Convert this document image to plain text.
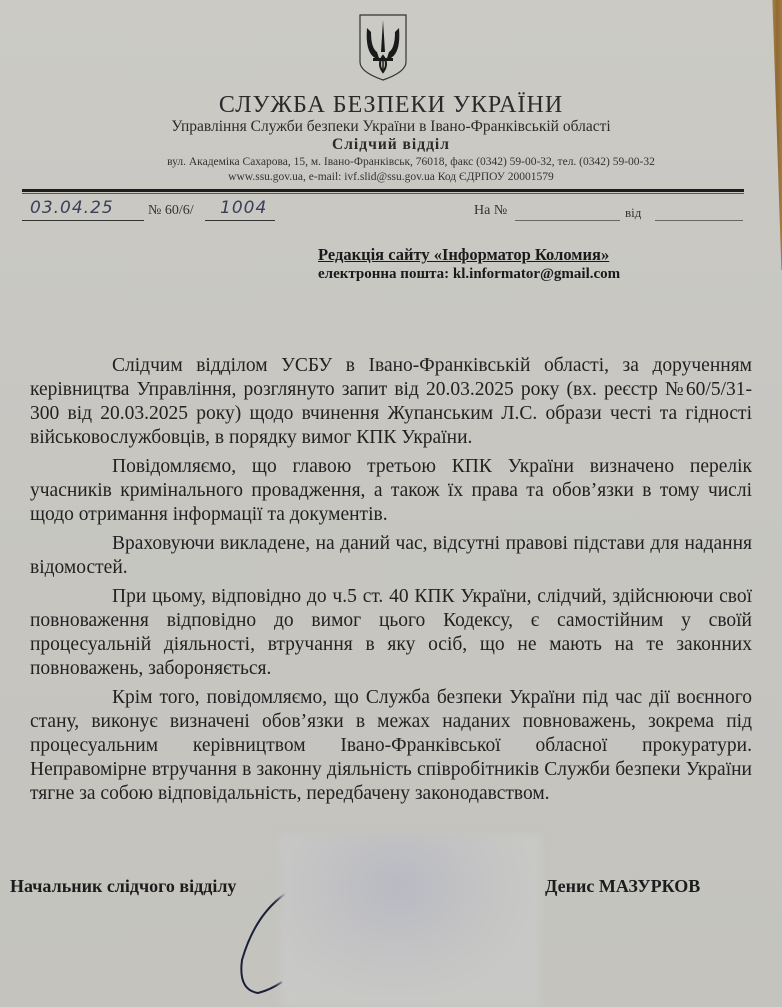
СЛУЖБА БЕЗПЕКИ УКРАЇНИ
Управління Служби безпеки України в Івано-Франківській області
Слідчий відділ
вул. Академіка Сахарова, 15, м. Івано-Франківськ, 76018, факс (0342) 59-00-32, тел. (0342) 59-00-32
www.ssu.gov.ua, e-mail: ivf.slid@ssu.gov.ua Код ЄДРПОУ 20001579
03.04.25 № 60/6/ 1004	На №	від
Редакція сайту «Інформатор Коломия»
електронна пошта: kl.informator@gmail.com

Слідчим відділом УСБУ в Івано-Франківській області, за дорученням керівництва Управління, розглянуто запит від 20.03.2025 року (вх. реєстр №60/5/31-300 від 20.03.2025 року) щодо вчинення Жупанським Л.С. образи честі та гідності військовослужбовців, в порядку вимог КПК України.

Повідомляємо, що главою третьою КПК України визначено перелік учасників кримінального провадження, а також їх права та обов’язки в тому числі щодо отримання інформації та документів.

Враховуючи викладене, на даний час, відсутні правові підстави для надання відомостей.

При цьому, відповідно до ч.5 ст. 40 КПК України, слідчий, здійснюючи свої повноваження відповідно до вимог цього Кодексу, є самостійним у своїй процесуальній діяльності, втручання в яку осіб, що не мають на те законних повноважень, забороняється.

Крім того, повідомляємо, що Служба безпеки України під час дії воєнного стану, виконує визначені обов’язки в межах наданих повноважень, зокрема під процесуальним керівництвом Івано-Франківської обласної прокуратури. Неправомірне втручання в законну діяльність співробітників Служби безпеки України тягне за собою відповідальність, передбачену законодавством.

Начальник слідчого відділу	Денис МАЗУРКОВ
